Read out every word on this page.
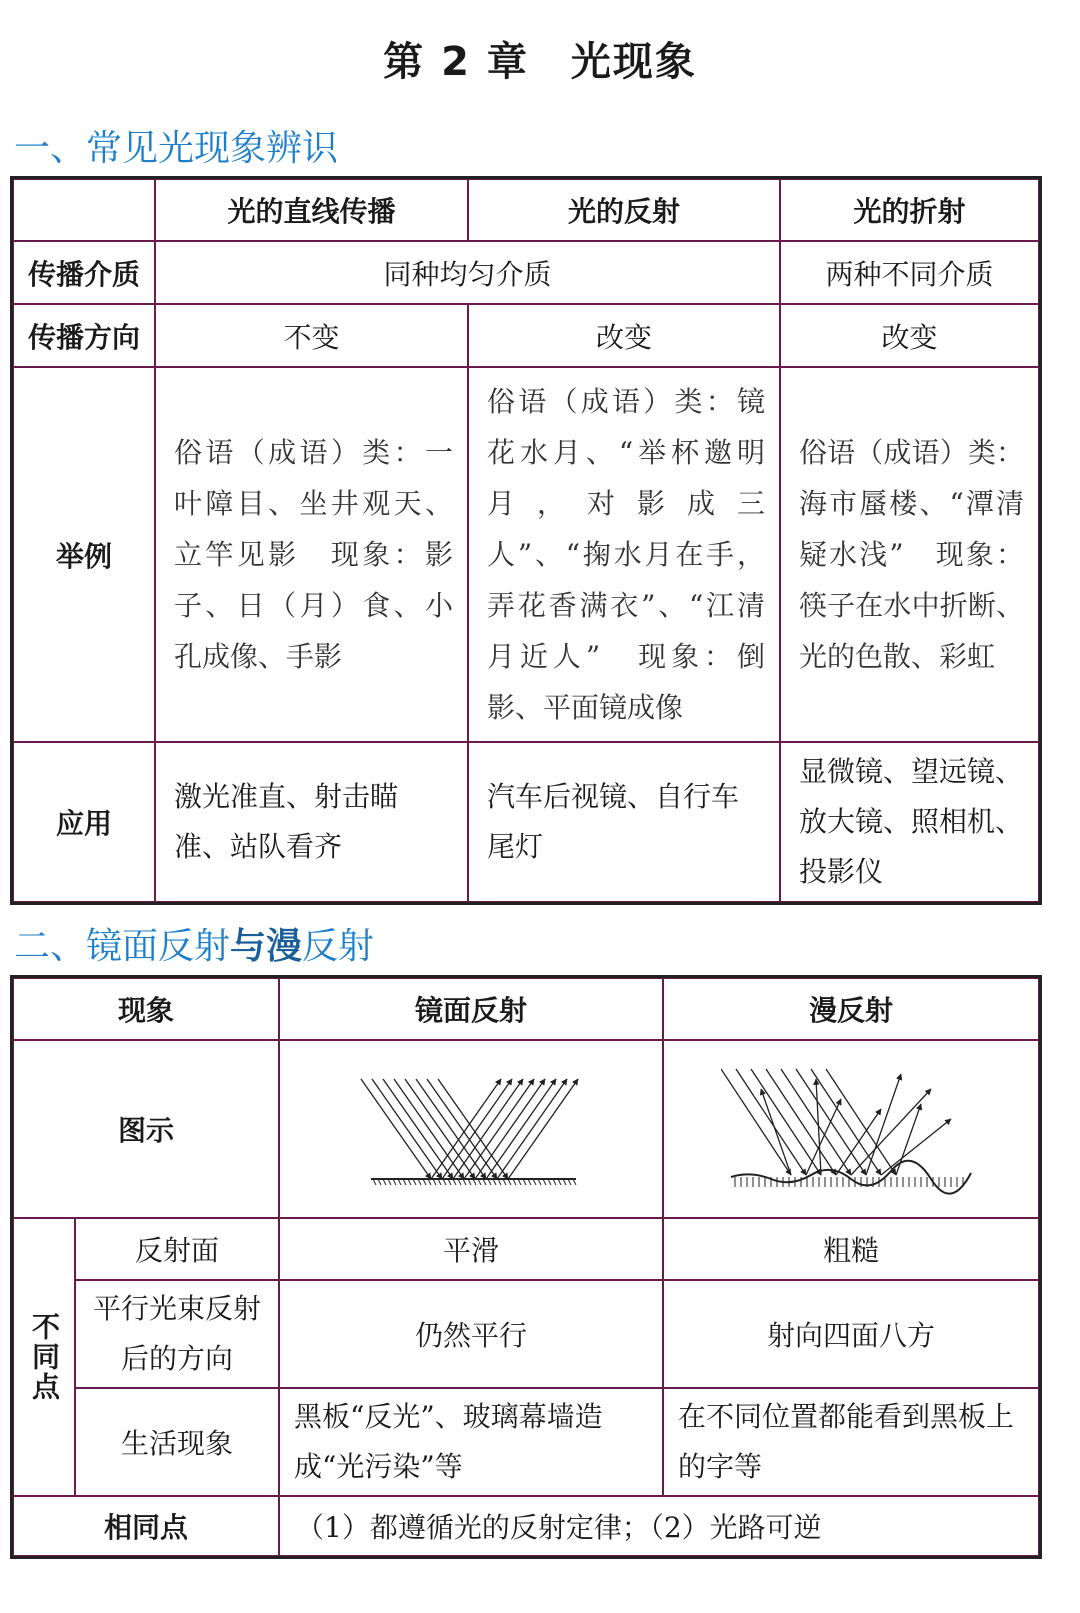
第 2 章　光现象
一、常见光现象辨识
	光的直线传播	光的反射	光的折射
传播介质	同种均匀介质		两种不同介质
传播方向	不变	改变	改变
举例	俗语（成语）类：一叶障目、坐井观天、立竿见影　现象：影子、日（月）食、小孔成像、手影	俗语（成语）类：镜花水月、“举杯邀明月，对影成三人”、“掬水月在手，弄花香满衣”、“江清月近人”　现象：倒影、平面镜成像	俗语（成语）类：海市蜃楼、“潭清疑水浅”　现象：筷子在水中折断、光的色散、彩虹
应用	激光准直、射击瞄准、站队看齐	汽车后视镜、自行车尾灯	显微镜、望远镜、放大镜、照相机、投影仪
二、镜面反射与漫反射
现象		镜面反射	漫反射
图示	

不同点	反射面	平滑	粗糙
	平行光束反射后的方向	仍然平行	射向四面八方
	生活现象	黑板“反光”、玻璃幕墙造成“光污染”等	在不同位置都能看到黑板上的字等
相同点		（1）都遵循光的反射定律；（2）光路可逆	
